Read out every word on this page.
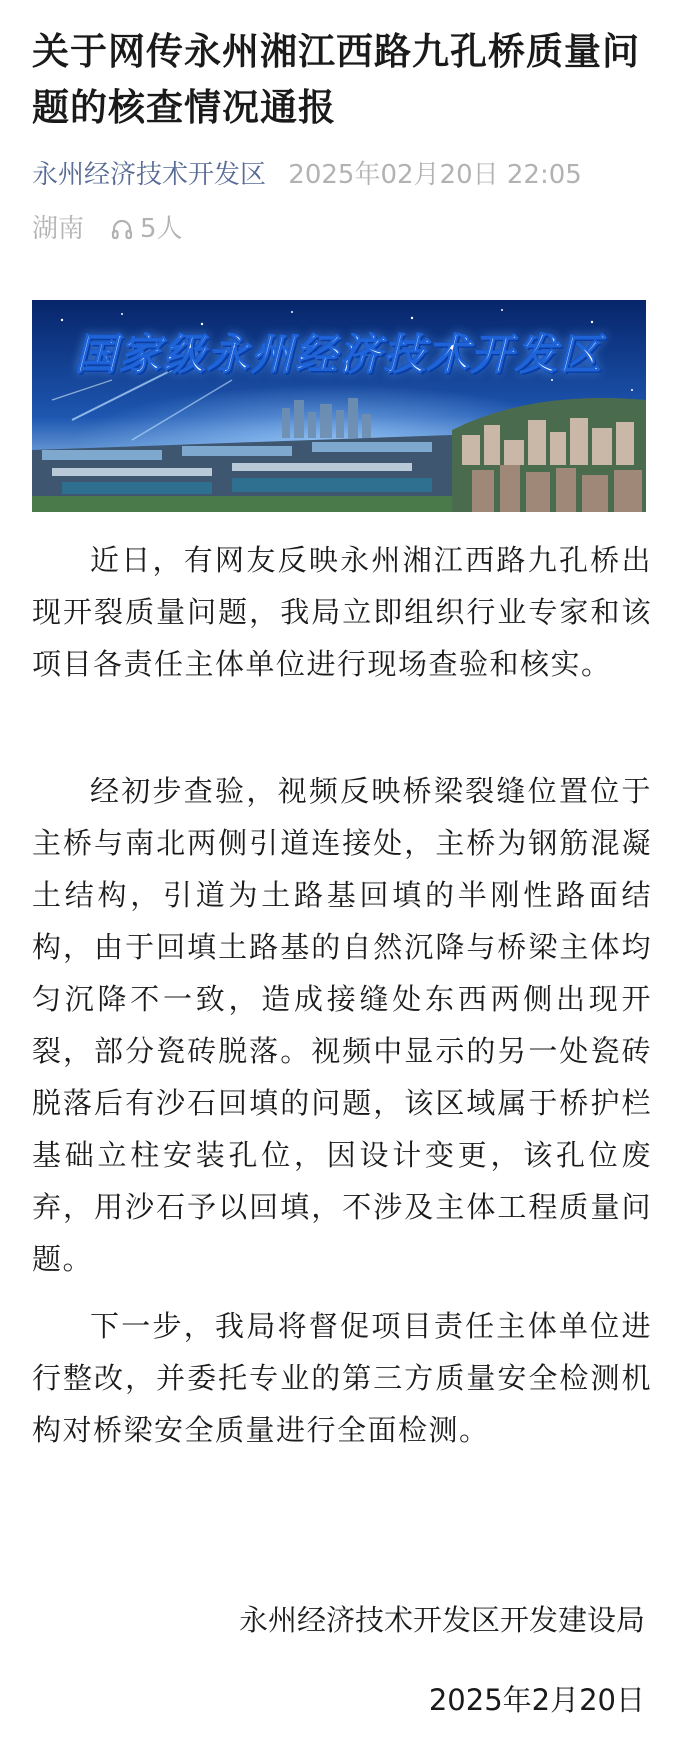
关于网传永州湘江西路九孔桥质量问题的核查情况通报
永州经济技术开发区 2025年02月20日 22:05
湖南 5人
国家级永州经济技术开发区

近日，有网友反映永州湘江西路九孔桥出现开裂质量问题，我局立即组织行业专家和该项目各责任主体单位进行现场查验和核实。

经初步查验，视频反映桥梁裂缝位置位于主桥与南北两侧引道连接处，主桥为钢筋混凝土结构，引道为土路基回填的半刚性路面结构，由于回填土路基的自然沉降与桥梁主体均匀沉降不一致，造成接缝处东西两侧出现开裂，部分瓷砖脱落。视频中显示的另一处瓷砖脱落后有沙石回填的问题，该区域属于桥护栏基础立柱安装孔位，因设计变更，该孔位废弃，用沙石予以回填，不涉及主体工程质量问题。

下一步，我局将督促项目责任主体单位进行整改，并委托专业的第三方质量安全检测机构对桥梁安全质量进行全面检测。

永州经济技术开发区开发建设局
2025年2月20日
